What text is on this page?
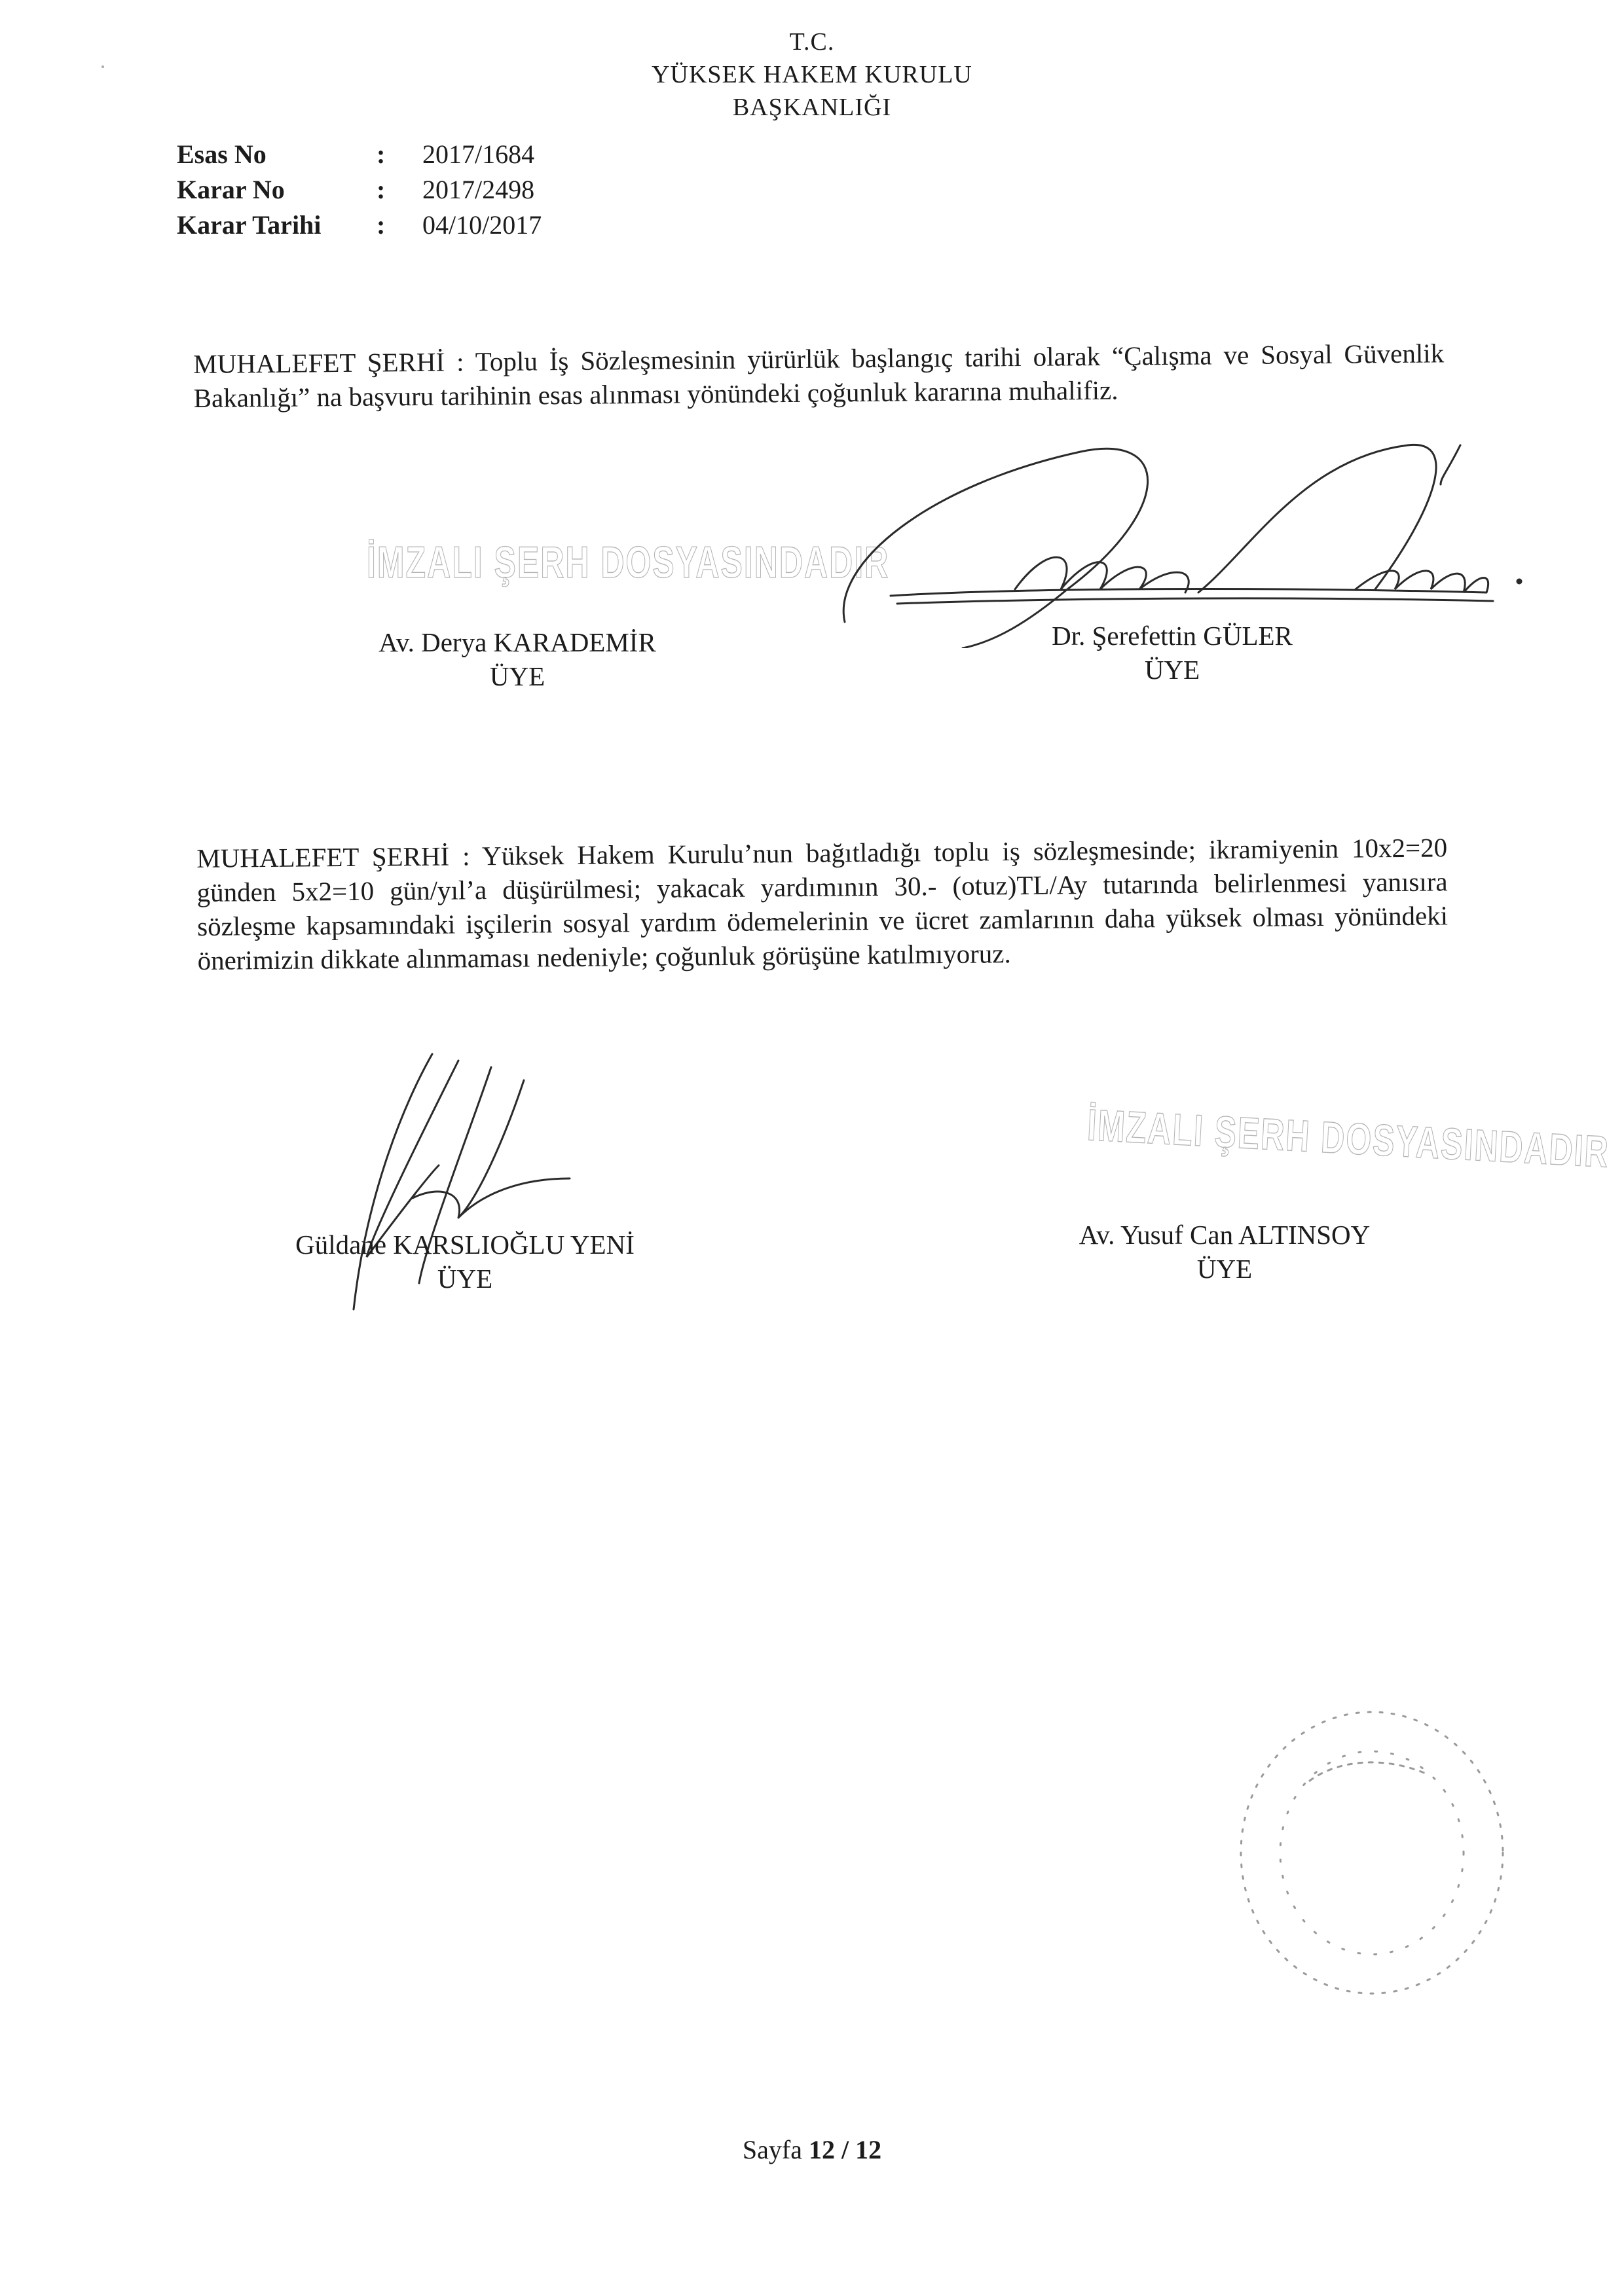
T.C.
YÜKSEK HAKEM KURULU
BAŞKANLIĞI
Esas No	: 2017/1684
Karar No	: 2017/2498
Karar Tarihi : 04/10/2017
MUHALEFET ŞERHİ : Toplu İş Sözleşmesinin yürürlük başlangıç tarihi olarak “Çalışma ve Sosyal Güvenlik Bakanlığı” na başvuru tarihinin esas alınması yönündeki çoğunluk kararına muhalifiz.
İMZALI ŞERH DOSYASINDADIR
Av. Derya KARADEMİR
ÜYE
Dr. Şerefettin GÜLER
ÜYE
MUHALEFET ŞERHİ : Yüksek Hakem Kurulu’nun bağıtladığı toplu iş sözleşmesinde; ikramiyenin 10x2=20 günden 5x2=10 gün/yıl’a düşürülmesi; yakacak yardımının 30.- (otuz)TL/Ay tutarında belirlenmesi yanısıra sözleşme kapsamındaki işçilerin sosyal yardım ödemelerinin ve ücret zamlarının daha yüksek olması yönündeki önerimizin dikkate alınmaması nedeniyle; çoğunluk görüşüne katılmıyoruz.
İMZALI ŞERH DOSYASINDADIR
Güldane KARSLIOĞLU YENİ
ÜYE
Av. Yusuf Can ALTINSOY
ÜYE
Sayfa 12 / 12
